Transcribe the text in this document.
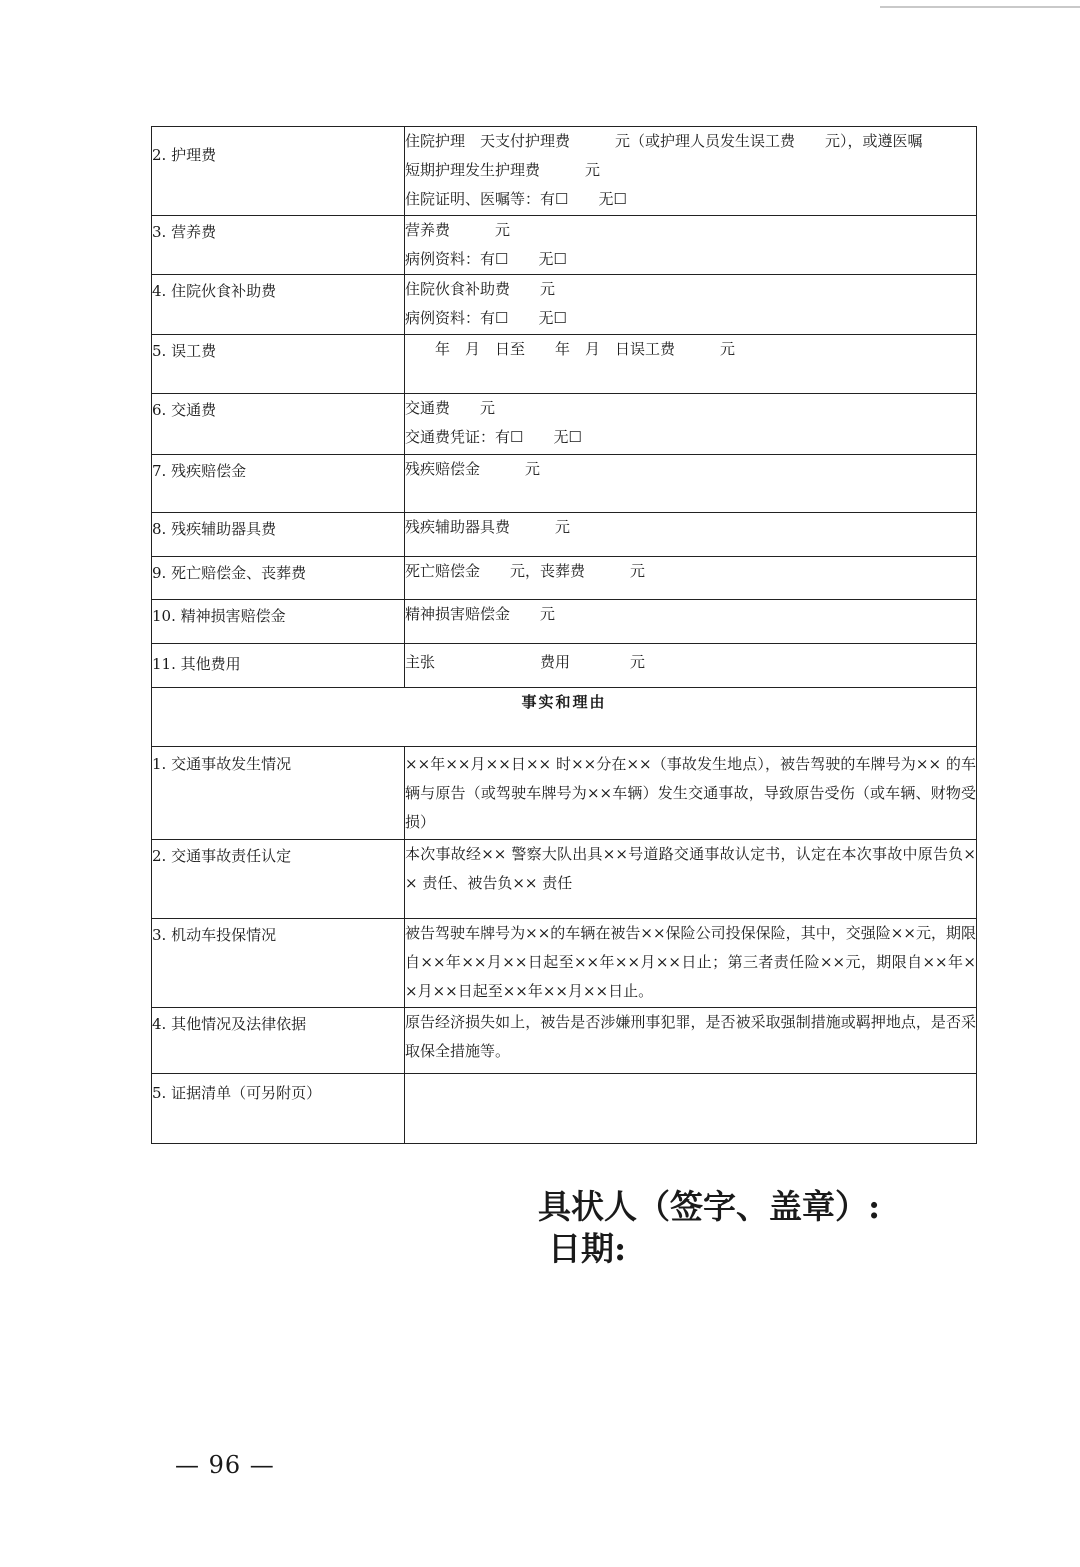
2. 护理费	住院护理　天支付护理费　　　元（或护理人员发生误工费　　元），或遵医嘱
短期护理发生护理费　　　元
住院证明、医嘱等：有☐　　无☐

3. 营养费	营养费　　　元
病例资料：有☐　　无☐

4. 住院伙食补助费	住院伙食补助费　　元
病例资料：有☐　　无☐

5. 误工费	　　年　月　日至　　年　月　日误工费　　　元

6. 交通费	交通费　　元
交通费凭证：有☐　　无☐

7. 残疾赔偿金	残疾赔偿金　　　元

8. 残疾辅助器具费	残疾辅助器具费　　　元

9. 死亡赔偿金、丧葬费	死亡赔偿金　　元，丧葬费　　　元

10. 精神损害赔偿金	精神损害赔偿金　　元

11. 其他费用	主张　　　　　　　费用　　　　元

事实和理由	

1. 交通事故发生情况	××年××月××日×× 时××分在××（事故发生地点），被告驾驶的车牌号为×× 的车辆与原告（或驾驶车牌号为××车辆）发生交通事故，导致原告受伤（或车辆、财物受损）

2. 交通事故责任认定	本次事故经×× 警察大队出具××号道路交通事故认定书，认定在本次事故中原告负×× 责任、被告负×× 责任

3. 机动车投保情况	被告驾驶车牌号为××的车辆在被告××保险公司投保保险，其中，交强险××元，期限自××年××月××日起至××年××月××日止；第三者责任险××元，期限自××年××月××日起至××年××月××日止。

4. 其他情况及法律依据	原告经济损失如上，被告是否涉嫌刑事犯罪，是否被采取强制措施或羁押地点，是否采取保全措施等。

5. 证据清单（可另附页）	

具状人（签字、盖章）:
日期:
— 96 —
